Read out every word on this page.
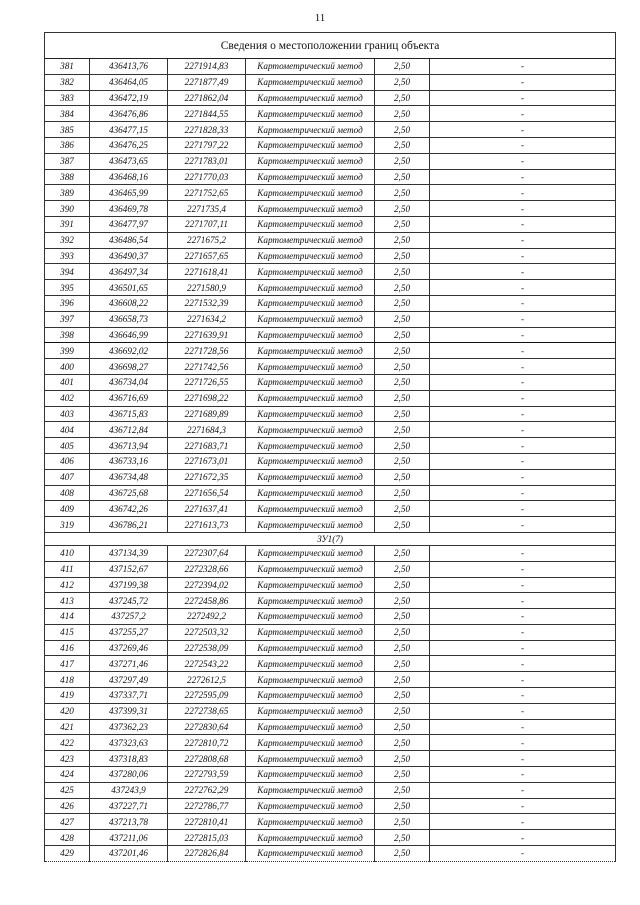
11
Сведения о местоположении границ объекта					
381	436413,76	2271914,83	Картометрический метод	2,50	-
382	436464,05	2271877,49	Картометрический метод	2,50	-
383	436472,19	2271862,04	Картометрический метод	2,50	-
384	436476,86	2271844,55	Картометрический метод	2,50	-
385	436477,15	2271828,33	Картометрический метод	2,50	-
386	436476,25	2271797,22	Картометрический метод	2,50	-
387	436473,65	2271783,01	Картометрический метод	2,50	-
388	436468,16	2271770,03	Картометрический метод	2,50	-
389	436465,99	2271752,65	Картометрический метод	2,50	-
390	436469,78	2271735,4	Картометрический метод	2,50	-
391	436477,97	2271707,11	Картометрический метод	2,50	-
392	436486,54	2271675,2	Картометрический метод	2,50	-
393	436490,37	2271657,65	Картометрический метод	2,50	-
394	436497,34	2271618,41	Картометрический метод	2,50	-
395	436501,65	2271580,9	Картометрический метод	2,50	-
396	436608,22	2271532,39	Картометрический метод	2,50	-
397	436658,73	2271634,2	Картометрический метод	2,50	-
398	436646,99	2271639,91	Картометрический метод	2,50	-
399	436692,02	2271728,56	Картометрический метод	2,50	-
400	436698,27	2271742,56	Картометрический метод	2,50	-
401	436734,04	2271726,55	Картометрический метод	2,50	-
402	436716,69	2271698,22	Картометрический метод	2,50	-
403	436715,83	2271689,89	Картометрический метод	2,50	-
404	436712,84	2271684,3	Картометрический метод	2,50	-
405	436713,94	2271683,71	Картометрический метод	2,50	-
406	436733,16	2271673,01	Картометрический метод	2,50	-
407	436734,48	2271672,35	Картометрический метод	2,50	-
408	436725,68	2271656,54	Картометрический метод	2,50	-
409	436742,26	2271637,41	Картометрический метод	2,50	-
319	436786,21	2271613,73	Картометрический метод	2,50	-
ЗУ1(7)					
410	437134,39	2272307,64	Картометрический метод	2,50	-
411	437152,67	2272328,66	Картометрический метод	2,50	-
412	437199,38	2272394,02	Картометрический метод	2,50	-
413	437245,72	2272458,86	Картометрический метод	2,50	-
414	437257,2	2272492,2	Картометрический метод	2,50	-
415	437255,27	2272503,32	Картометрический метод	2,50	-
416	437269,46	2272538,09	Картометрический метод	2,50	-
417	437271,46	2272543,22	Картометрический метод	2,50	-
418	437297,49	2272612,5	Картометрический метод	2,50	-
419	437337,71	2272595,09	Картометрический метод	2,50	-
420	437399,31	2272738,65	Картометрический метод	2,50	-
421	437362,23	2272830,64	Картометрический метод	2,50	-
422	437323,63	2272810,72	Картометрический метод	2,50	-
423	437318,83	2272808,68	Картометрический метод	2,50	-
424	437280,06	2272793,59	Картометрический метод	2,50	-
425	437243,9	2272762,29	Картометрический метод	2,50	-
426	437227,71	2272786,77	Картометрический метод	2,50	-
427	437213,78	2272810,41	Картометрический метод	2,50	-
428	437211,06	2272815,03	Картометрический метод	2,50	-
429	437201,46	2272826,84	Картометрический метод	2,50	-
